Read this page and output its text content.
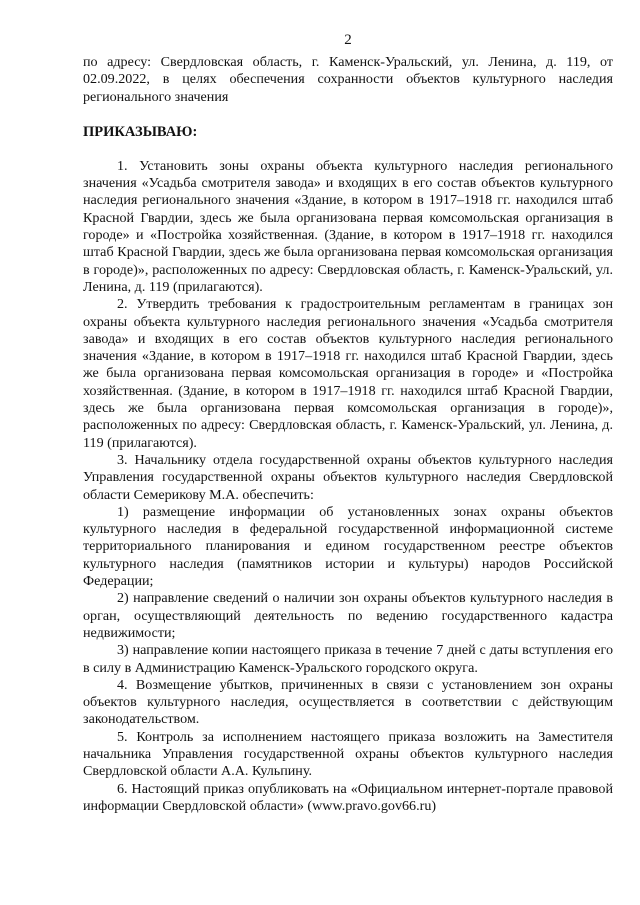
2

по адресу: Свердловская область, г. Каменск-Уральский, ул. Ленина, д. 119, от 02.09.2022, в целях обеспечения сохранности объектов культурного наследия регионального значения

ПРИКАЗЫВАЮ:

1. Установить зоны охраны объекта культурного наследия регионального значения «Усадьба смотрителя завода» и входящих в его состав объектов культурного наследия регионального значения «Здание, в котором в 1917–1918 гг. находился штаб Красной Гвардии, здесь же была организована первая комсомольская организация в городе» и «Постройка хозяйственная. (Здание, в котором в 1917–1918 гг. находился штаб Красной Гвардии, здесь же была организована первая комсомольская организация в городе)», расположенных по адресу: Свердловская область, г. Каменск-Уральский, ул. Ленина, д. 119 (прилагаются).

2. Утвердить требования к градостроительным регламентам в границах зон охраны объекта культурного наследия регионального значения «Усадьба смотрителя завода» и входящих в его состав объектов культурного наследия регионального значения «Здание, в котором в 1917–1918 гг. находился штаб Красной Гвардии, здесь же была организована первая комсомольская организация в городе» и «Постройка хозяйственная. (Здание, в котором в 1917–1918 гг. находился штаб Красной Гвардии, здесь же была организована первая комсомольская организация в городе)», расположенных по адресу: Свердловская область, г. Каменск-Уральский, ул. Ленина, д. 119 (прилагаются).

3. Начальнику отдела государственной охраны объектов культурного наследия Управления государственной охраны объектов культурного наследия Свердловской области Семерикову М.А. обеспечить:

1) размещение информации об установленных зонах охраны объектов культурного наследия в федеральной государственной информационной системе территориального планирования и едином государственном реестре объектов культурного наследия (памятников истории и культуры) народов Российской Федерации;

2) направление сведений о наличии зон охраны объектов культурного наследия в орган, осуществляющий деятельность по ведению государственного кадастра недвижимости;

3) направление копии настоящего приказа в течение 7 дней с даты вступления его в силу в Администрацию Каменск-Уральского городского округа.

4. Возмещение убытков, причиненных в связи с установлением зон охраны объектов культурного наследия, осуществляется в соответствии с действующим законодательством.

5. Контроль за исполнением настоящего приказа возложить на Заместителя начальника Управления государственной охраны объектов культурного наследия Свердловской области А.А. Кульпину.

6. Настоящий приказ опубликовать на «Официальном интернет-портале правовой информации Свердловской области» (www.pravo.gov66.ru)
